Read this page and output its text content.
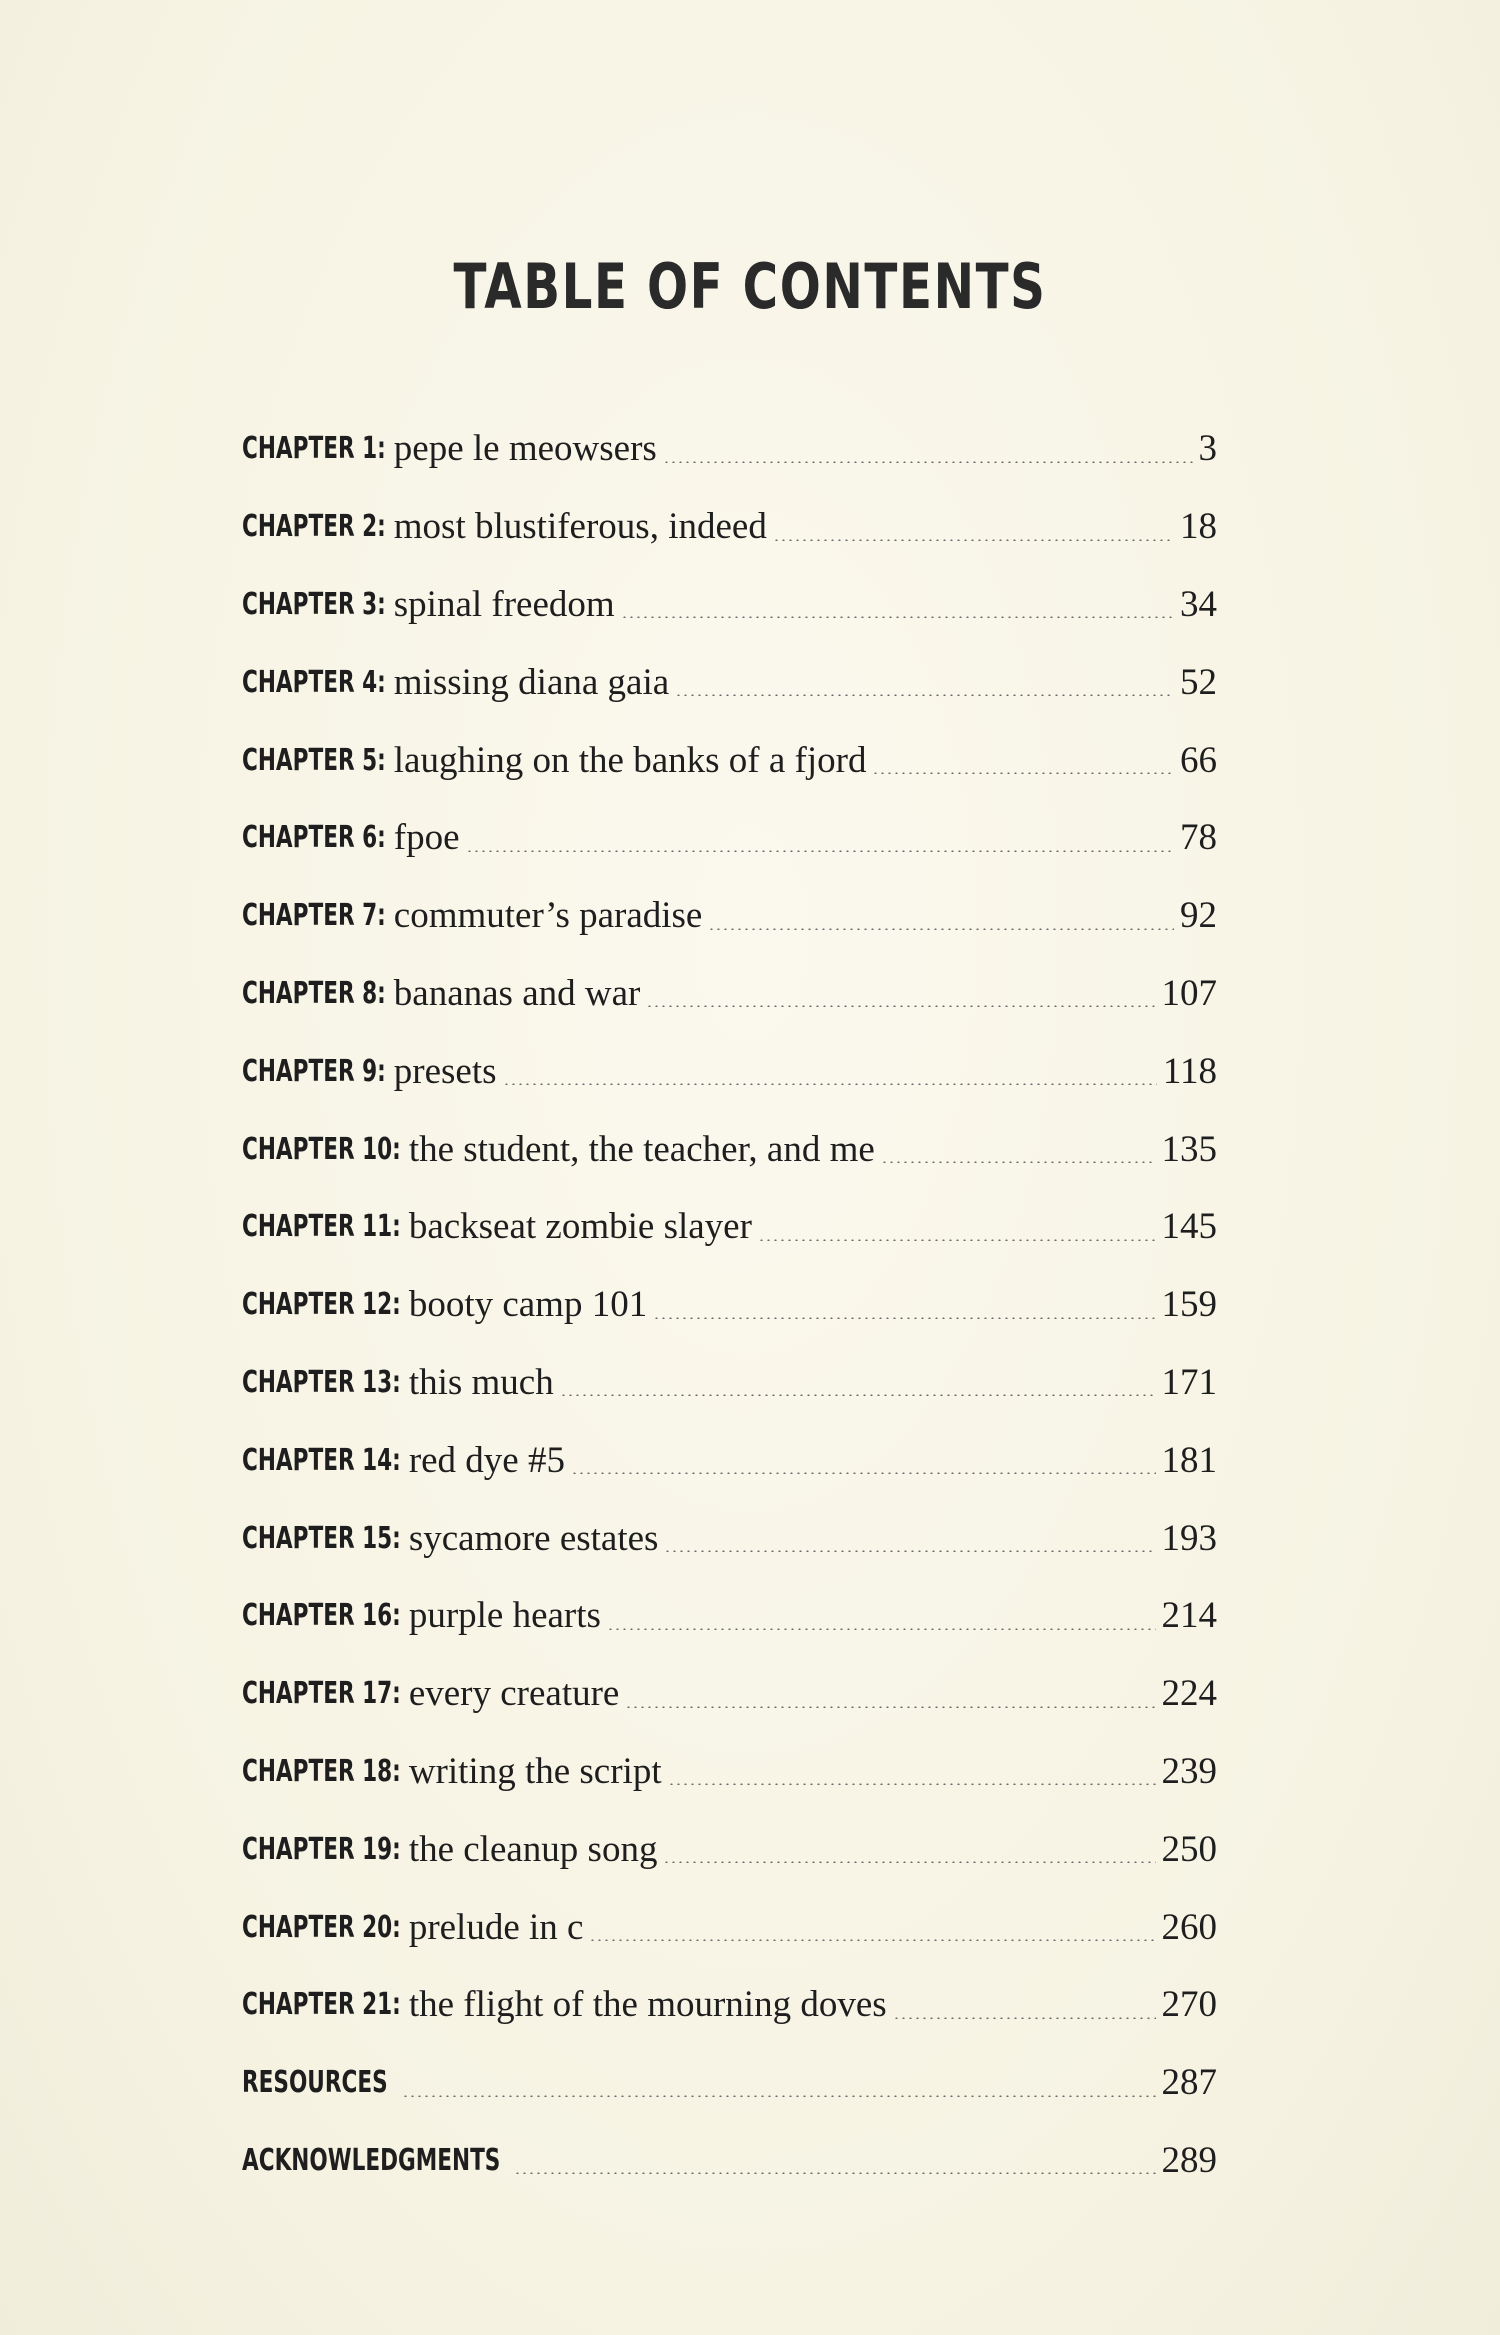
TABLE OF CONTENTS
CHAPTER 1: pepe le meowsers	3
CHAPTER 2: most blustiferous, indeed	18
CHAPTER 3: spinal freedom	34
CHAPTER 4: missing diana gaia	52
CHAPTER 5: laughing on the banks of a fjord	66
CHAPTER 6: fpoe	78
CHAPTER 7: commuter’s paradise	92
CHAPTER 8: bananas and war	107
CHAPTER 9: presets	118
CHAPTER 10: the student, the teacher, and me	135
CHAPTER 11: backseat zombie slayer	145
CHAPTER 12: booty camp 101	159
CHAPTER 13: this much	171
CHAPTER 14: red dye #5	181
CHAPTER 15: sycamore estates	193
CHAPTER 16: purple hearts	214
CHAPTER 17: every creature	224
CHAPTER 18: writing the script	239
CHAPTER 19: the cleanup song	250
CHAPTER 20: prelude in c	260
CHAPTER 21: the flight of the mourning doves	270
RESOURCES	287
ACKNOWLEDGMENTS	289
